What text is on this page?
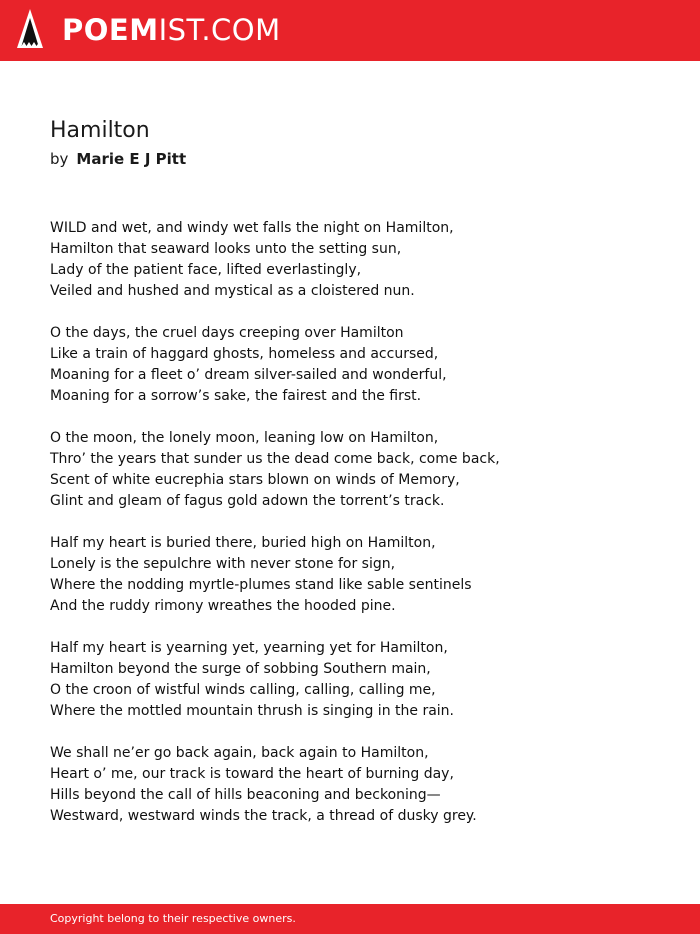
POEMIST.COM
Hamilton
by Marie E J Pitt
WILD and wet, and windy wet falls the night on Hamilton,
Hamilton that seaward looks unto the setting sun,
Lady of the patient face, lifted everlastingly,
Veiled and hushed and mystical as a cloistered nun.
O the days, the cruel days creeping over Hamilton
Like a train of haggard ghosts, homeless and accursed,
Moaning for a fleet o’ dream silver-sailed and wonderful,
Moaning for a sorrow’s sake, the fairest and the first.
O the moon, the lonely moon, leaning low on Hamilton,
Thro’ the years that sunder us the dead come back, come back,
Scent of white eucrephia stars blown on winds of Memory,
Glint and gleam of fagus gold adown the torrent’s track.
Half my heart is buried there, buried high on Hamilton,
Lonely is the sepulchre with never stone for sign,
Where the nodding myrtle-plumes stand like sable sentinels
And the ruddy rimony wreathes the hooded pine.
Half my heart is yearning yet, yearning yet for Hamilton,
Hamilton beyond the surge of sobbing Southern main,
O the croon of wistful winds calling, calling, calling me,
Where the mottled mountain thrush is singing in the rain.
We shall ne’er go back again, back again to Hamilton,
Heart o’ me, our track is toward the heart of burning day,
Hills beyond the call of hills beaconing and beckoning—
Westward, westward winds the track, a thread of dusky grey.
Copyright belong to their respective owners.
